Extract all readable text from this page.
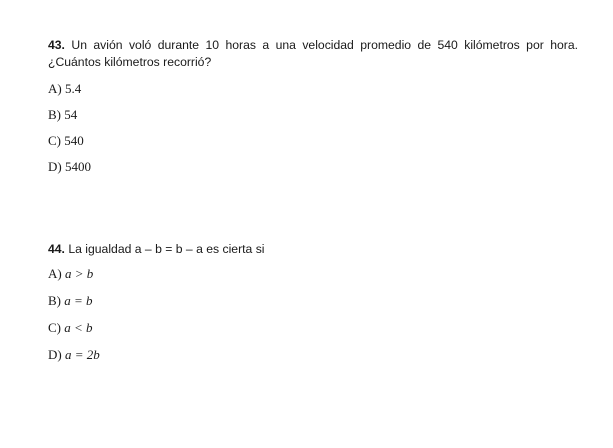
43. Un avión voló durante 10 horas a una velocidad promedio de 540 kilómetros por hora. ¿Cuántos kilómetros recorrió?

A) 5.4
B) 54
C) 540
D) 5400

44. La igualdad a – b = b – a es cierta si

A) a > b
B) a = b
C) a < b
D) a = 2b
